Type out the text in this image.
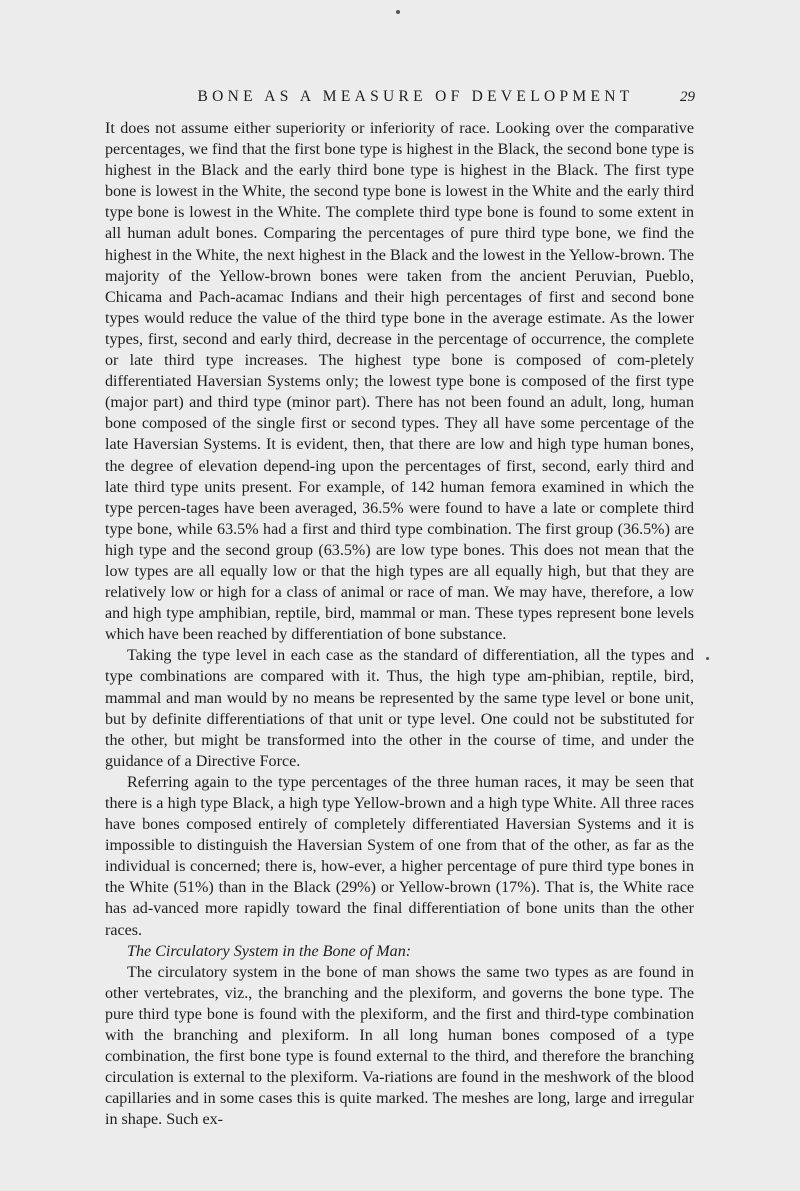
BONE AS A MEASURE OF DEVELOPMENT	29

It does not assume either superiority or inferiority of race. Looking over the comparative percentages, we find that the first bone type is highest in the Black, the second bone type is highest in the Black and the early third bone type is highest in the Black. The first type bone is lowest in the White, the second type bone is lowest in the White and the early third type bone is lowest in the White. The complete third type bone is found to some extent in all human adult bones. Comparing the percentages of pure third type bone, we find the highest in the White, the next highest in the Black and the lowest in the Yellow-brown. The majority of the Yellow-brown bones were taken from the ancient Peruvian, Pueblo, Chicama and Pach-acamac Indians and their high percentages of first and second bone types would reduce the value of the third type bone in the average estimate. As the lower types, first, second and early third, decrease in the percentage of occurrence, the complete or late third type increases. The highest type bone is composed of com-pletely differentiated Haversian Systems only; the lowest type bone is composed of the first type (major part) and third type (minor part). There has not been found an adult, long, human bone composed of the single first or second types. They all have some percentage of the late Haversian Systems. It is evident, then, that there are low and high type human bones, the degree of elevation depend-ing upon the percentages of first, second, early third and late third type units present. For example, of 142 human femora examined in which the type percen-tages have been averaged, 36.5% were found to have a late or complete third type bone, while 63.5% had a first and third type combination. The first group (36.5%) are high type and the second group (63.5%) are low type bones. This does not mean that the low types are all equally low or that the high types are all equally high, but that they are relatively low or high for a class of animal or race of man. We may have, therefore, a low and high type amphibian, reptile, bird, mammal or man. These types represent bone levels which have been reached by differentiation of bone substance.

Taking the type level in each case as the standard of differentiation, all the types and type combinations are compared with it. Thus, the high type am-phibian, reptile, bird, mammal and man would by no means be represented by the same type level or bone unit, but by definite differentiations of that unit or type level. One could not be substituted for the other, but might be transformed into the other in the course of time, and under the guidance of a Directive Force.

Referring again to the type percentages of the three human races, it may be seen that there is a high type Black, a high type Yellow-brown and a high type White. All three races have bones composed entirely of completely differentiated Haversian Systems and it is impossible to distinguish the Haversian System of one from that of the other, as far as the individual is concerned; there is, how-ever, a higher percentage of pure third type bones in the White (51%) than in the Black (29%) or Yellow-brown (17%). That is, the White race has ad-vanced more rapidly toward the final differentiation of bone units than the other races.

The Circulatory System in the Bone of Man:

The circulatory system in the bone of man shows the same two types as are found in other vertebrates, viz., the branching and the plexiform, and governs the bone type. The pure third type bone is found with the plexiform, and the first and third-type combination with the branching and plexiform. In all long human bones composed of a type combination, the first bone type is found external to the third, and therefore the branching circulation is external to the plexiform. Va-riations are found in the meshwork of the blood capillaries and in some cases this is quite marked. The meshes are long, large and irregular in shape. Such ex-
